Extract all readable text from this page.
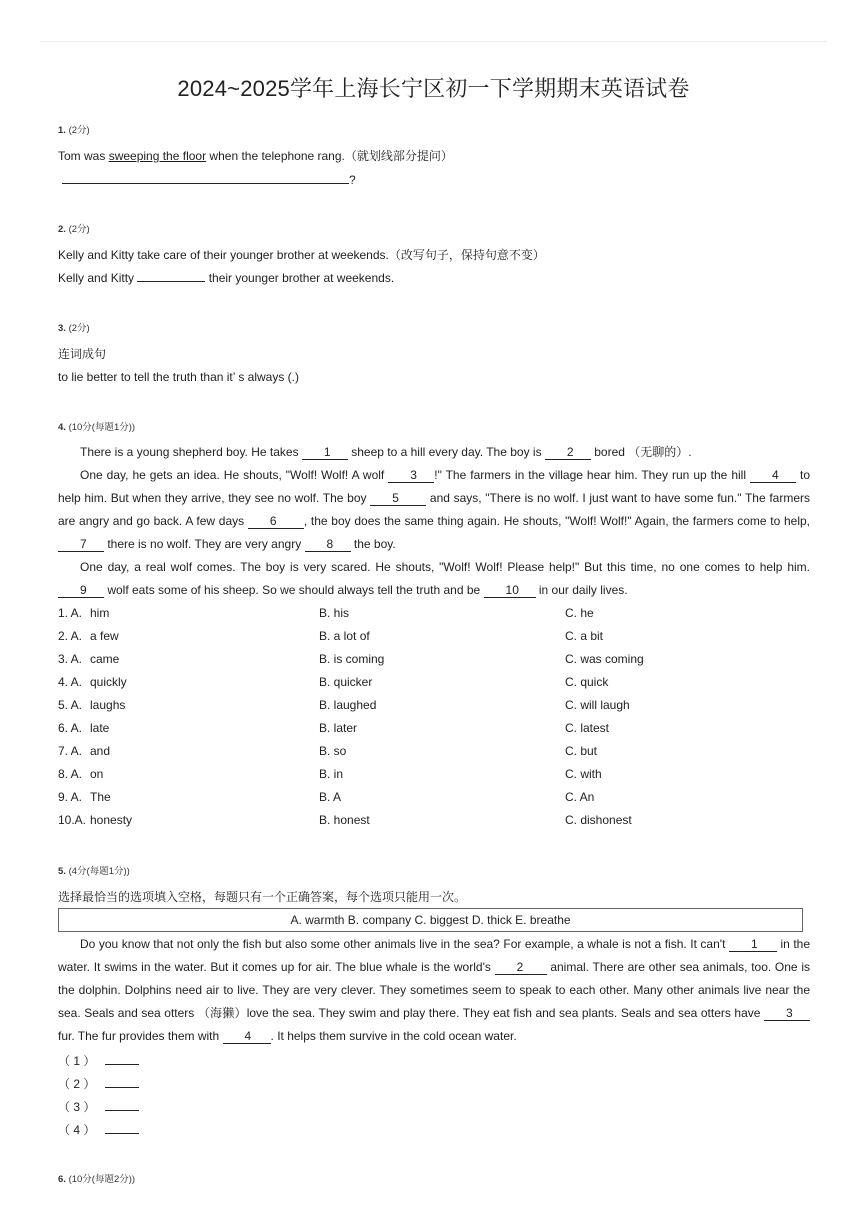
2024~2025学年上海长宁区初一下学期期末英语试卷
1. (2分)
Tom was sweeping the floor when the telephone rang.（就划线部分提问）
?
2. (2分)
Kelly and Kitty take care of their younger brother at weekends.（改写句子，保持句意不变）
Kelly and Kitty	their younger brother at weekends.
3. (2分)
连词成句
to lie better to tell the truth than it’ s always (.)
4. (10分(每题1分))

There is a young shepherd boy. He takes 1 sheep to a hill every day. The boy is 2 bored （无聊的）.

One day, he gets an idea. He shouts, "Wolf! Wolf! A wolf 3 !" The farmers in the village hear him. They run up the hill 4 to help him. But when they arrive, they see no wolf. The boy 5 and says, "There is no wolf. I just want to have some fun." The farmers are angry and go back. A few days 6 , the boy does the same thing again. He shouts, "Wolf! Wolf!" Again, the farmers come to help, 7 there is no wolf. They are very angry 8 the boy.

One day, a real wolf comes. The boy is very scared. He shouts, "Wolf! Wolf! Please help!" But this time, no one comes to help him. 9 wolf eats some of his sheep. So we should always tell the truth and be 10 in our daily lives.

1. A. him	B. his	C. he
2. A. a few	B. a lot of	C. a bit
3. A. came	B. is coming	C. was coming
4. A. quickly	B. quicker	C. quick
5. A. laughs	B. laughed	C. will laugh
6. A. late	B. later	C. latest
7. A. and	B. so	C. but
8. A. on	B. in	C. with
9. A. The	B. A	C. An
10.A. honesty	B. honest	C. dishonest
5. (4分(每题1分))
选择最恰当的选项填入空格，每题只有一个正确答案，每个选项只能用一次。
A. warmth B. company C. biggest D. thick E. breathe

Do you know that not only the fish but also some other animals live in the sea? For example, a whale is not a fish. It can't 1 in the water. It swims in the water. But it comes up for air. The blue whale is the world's 2 animal. There are other sea animals, too. One is the dolphin. Dolphins need air to live. They are very clever. They sometimes seem to speak to each other. Many other animals live near the sea. Seals and sea otters （海獭）love the sea. They swim and play there. They eat fish and sea plants. Seals and sea otters have 3 fur. The fur provides them with 4 . It helps them survive in the cold ocean water.

（ 1 ）
（ 2 ）
（ 3 ）
（ 4 ）
6. (10分(每题2分))
